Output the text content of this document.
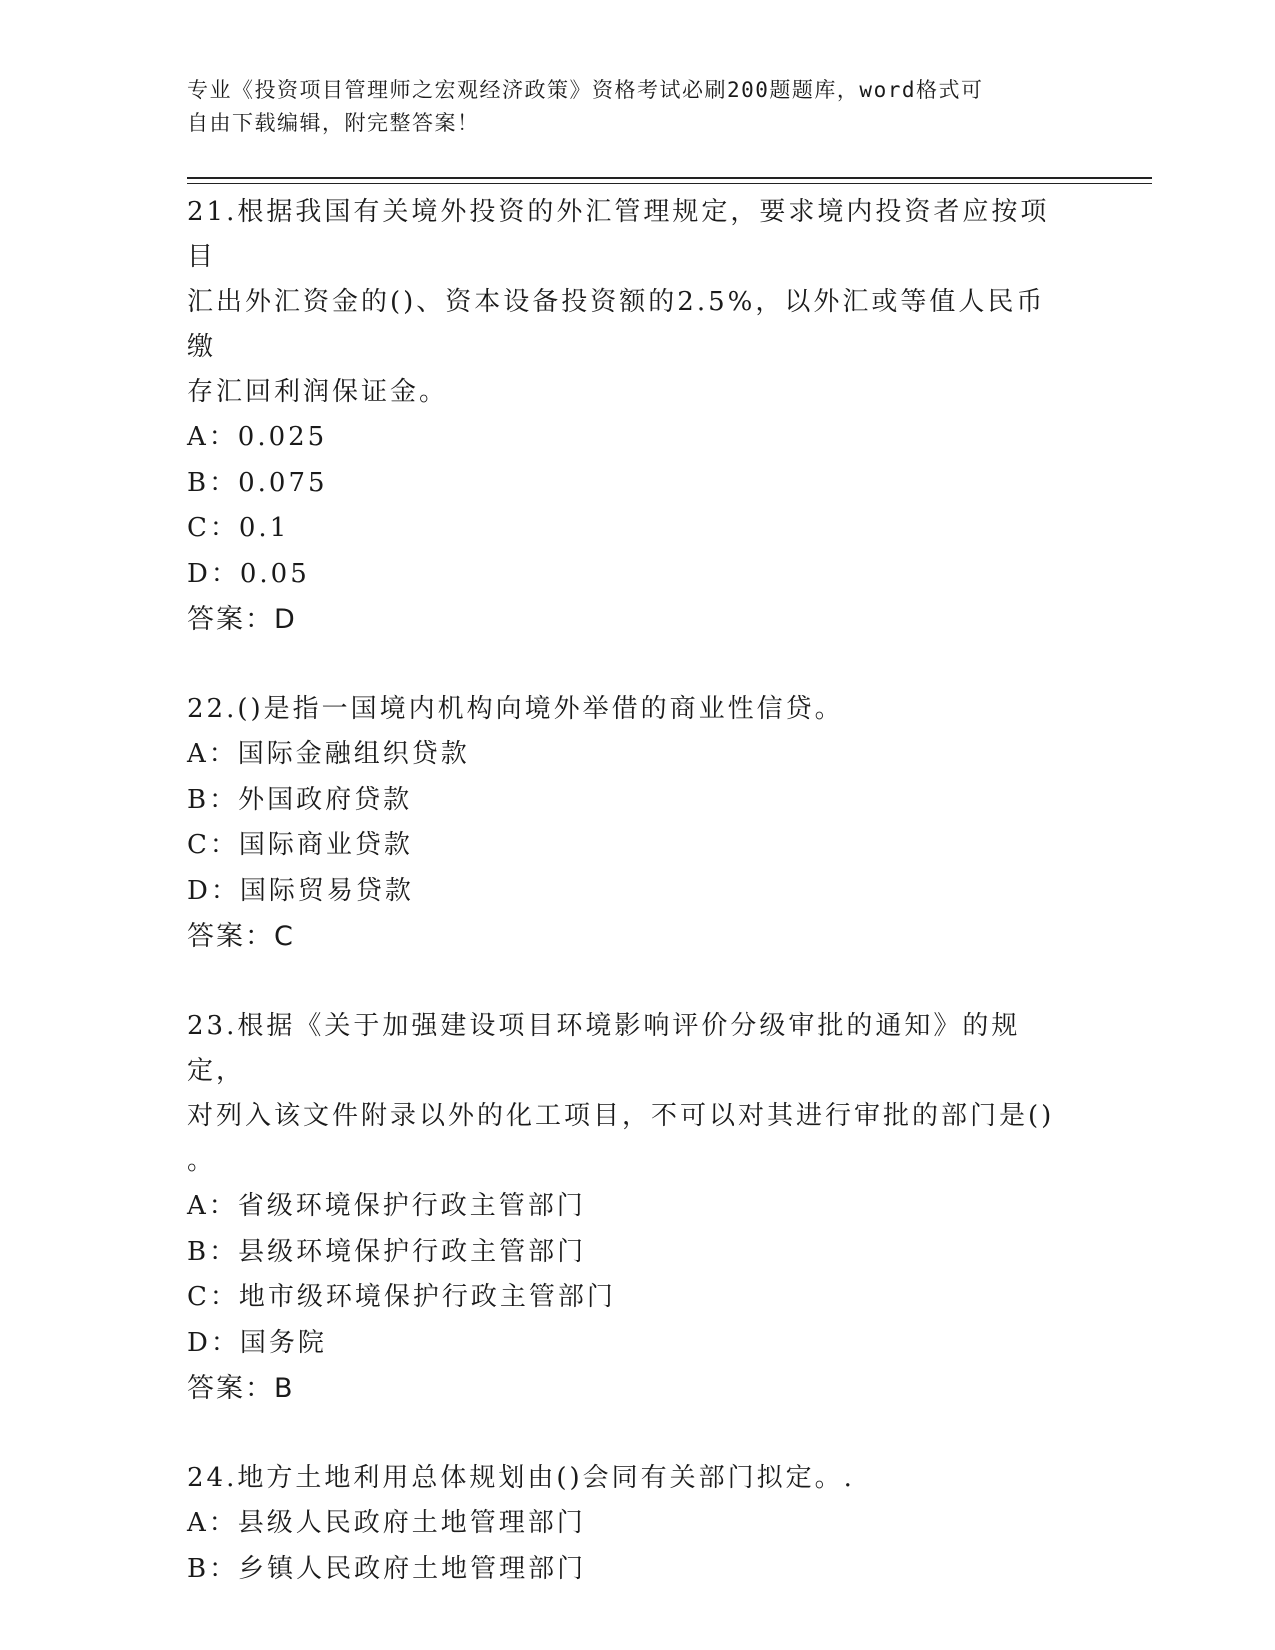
专业《投资项目管理师之宏观经济政策》资格考试必刷200题题库，word格式可
自由下载编辑，附完整答案！

21.根据我国有关境外投资的外汇管理规定，要求境内投资者应按项目

汇出外汇资金的()、资本设备投资额的2.5%，以外汇或等值人民币缴

存汇回利润保证金。

A：0.025

B：0.075

C：0.1

D：0.05

答案：D

22.()是指一国境内机构向境外举借的商业性信贷。

A：国际金融组织贷款

B：外国政府贷款

C：国际商业贷款

D：国际贸易贷款

答案：C

23.根据《关于加强建设项目环境影响评价分级审批的通知》的规定，

对列入该文件附录以外的化工项目，不可以对其进行审批的部门是()

。

A：省级环境保护行政主管部门

B：县级环境保护行政主管部门

C：地市级环境保护行政主管部门

D：国务院

答案：B

24.地方土地利用总体规划由()会同有关部门拟定。.

A：县级人民政府土地管理部门

B：乡镇人民政府土地管理部门
